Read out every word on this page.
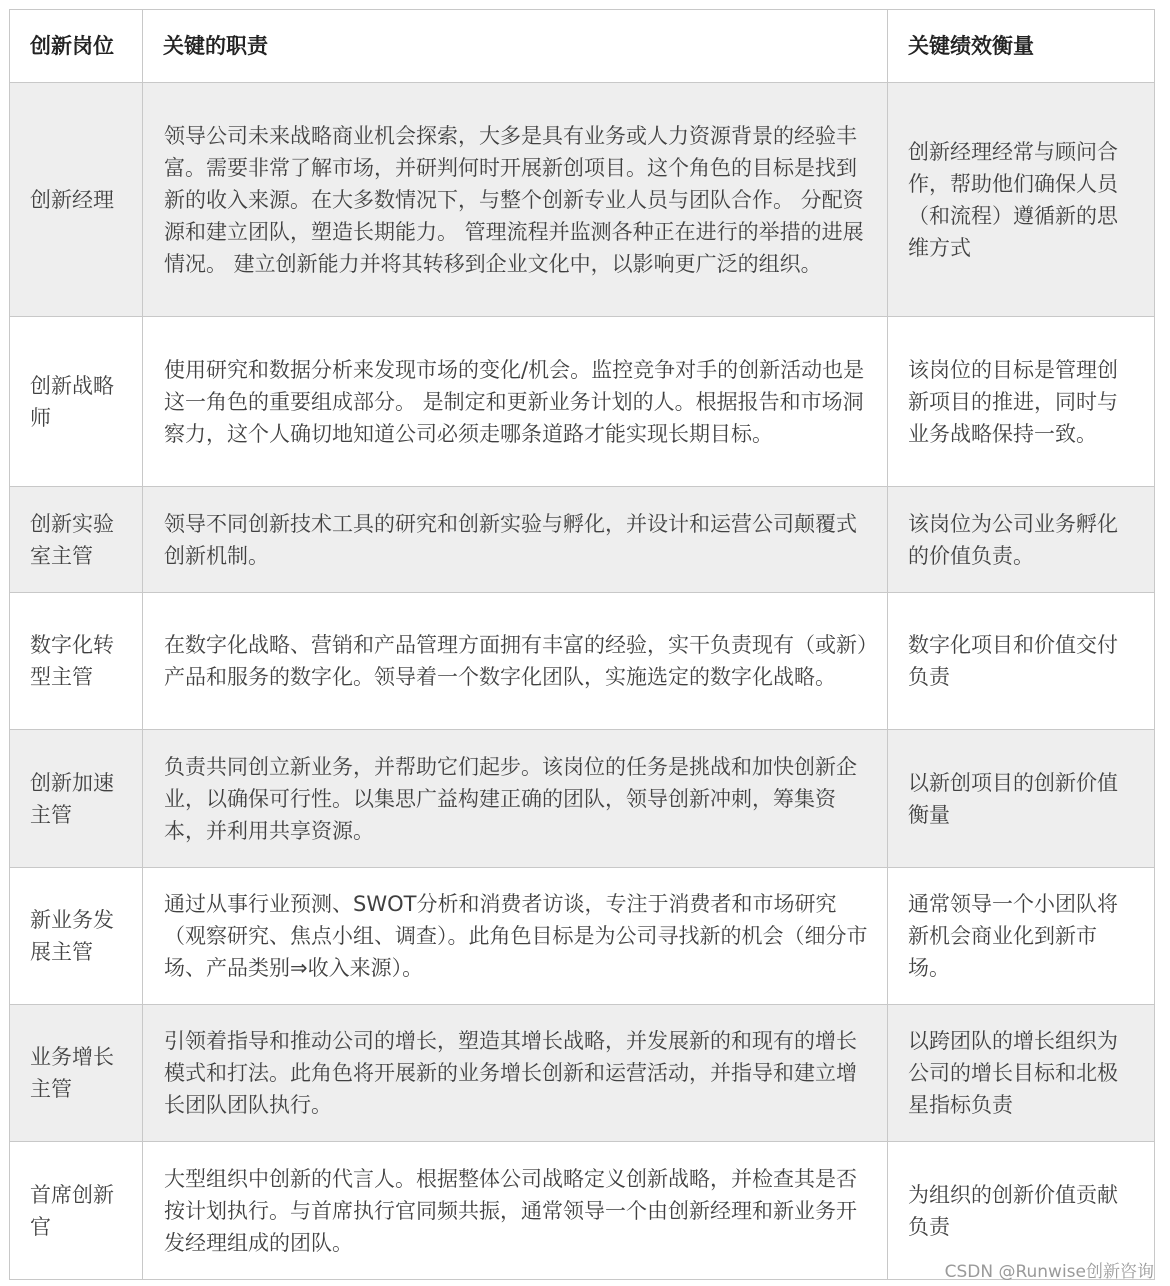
创新岗位	关键的职责	关键绩效衡量
创新经理	领导公司未来战略商业机会探索，大多是具有业务或人力资源背景的经验丰富。需要非常了解市场，并研判何时开展新创项目。这个角色的目标是找到新的收入来源。在大多数情况下，与整个创新专业人员与团队合作。 分配资源和建立团队，塑造长期能力。 管理流程并监测各种正在进行的举措的进展情况。 建立创新能力并将其转移到企业文化中，以影响更广泛的组织。	创新经理经常与顾问合作，帮助他们确保人员（和流程）遵循新的思维方式
创新战略师	使用研究和数据分析来发现市场的变化/机会。监控竞争对手的创新活动也是这一角色的重要组成部分。 是制定和更新业务计划的人。根据报告和市场洞察力，这个人确切地知道公司必须走哪条道路才能实现长期目标。	该岗位的目标是管理创新项目的推进，同时与业务战略保持一致。
创新实验室主管	领导不同创新技术工具的研究和创新实验与孵化，并设计和运营公司颠覆式创新机制。	该岗位为公司业务孵化的价值负责。
数字化转型主管	在数字化战略、营销和产品管理方面拥有丰富的经验，实干负责现有（或新）产品和服务的数字化。领导着一个数字化团队，实施选定的数字化战略。	数字化项目和价值交付负责
创新加速主管	负责共同创立新业务，并帮助它们起步。该岗位的任务是挑战和加快创新企业，以确保可行性。以集思广益构建正确的团队，领导创新冲刺，筹集资本，并利用共享资源。	以新创项目的创新价值衡量
新业务发展主管	通过从事行业预测、SWOT分析和消费者访谈，专注于消费者和市场研究（观察研究、焦点小组、调查）。此角色目标是为公司寻找新的机会（细分市场、产品类别⇒收入来源）。	通常领导一个小团队将新机会商业化到新市场。
业务增长主管	引领着指导和推动公司的增长，塑造其增长战略，并发展新的和现有的增长模式和打法。此角色将开展新的业务增长创新和运营活动，并指导和建立增长团队团队执行。	以跨团队的增长组织为公司的增长目标和北极星指标负责
首席创新官	大型组织中创新的代言人。根据整体公司战略定义创新战略，并检查其是否按计划执行。与首席执行官同频共振，通常领导一个由创新经理和新业务开发经理组成的团队。	为组织的创新价值贡献负责
CSDN @Runwise创新咨询
